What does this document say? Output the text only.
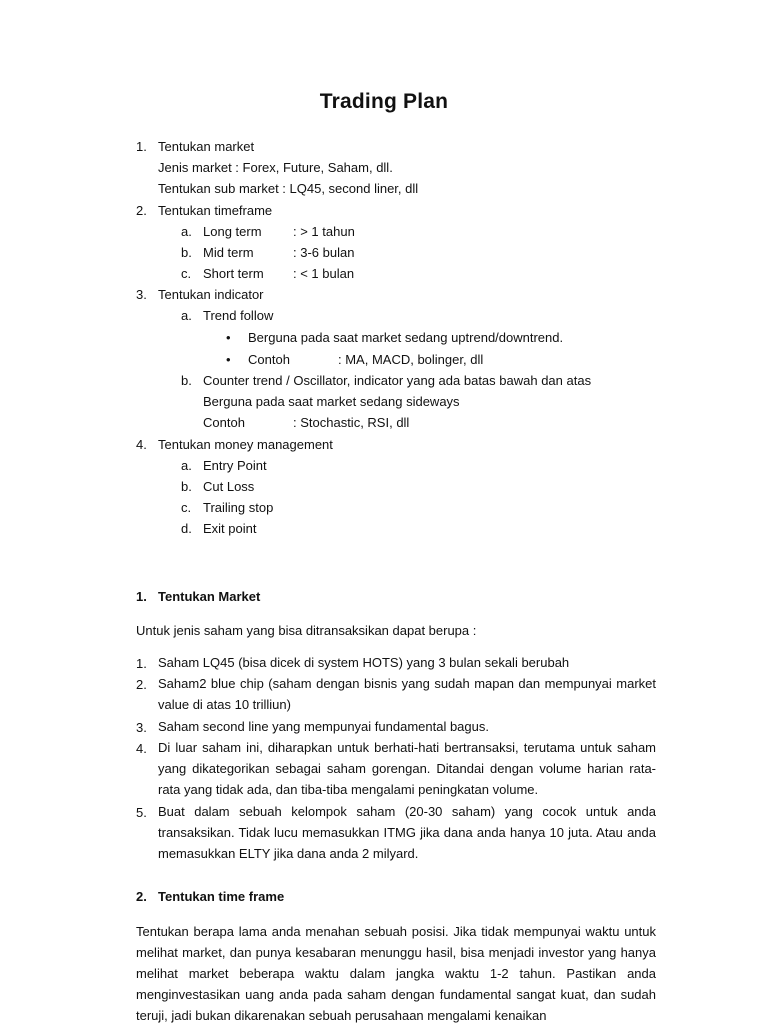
Trading Plan
1. Tentukan market
Jenis market : Forex, Future, Saham, dll.
Tentukan sub market : LQ45, second liner, dll
2. Tentukan timeframe
a. Long term : > 1 tahun
b. Mid term	: 3-6 bulan
c. Short term : < 1 bulan
3. Tentukan indicator
a. Trend follow
• Berguna pada saat market sedang uptrend/downtrend.
• Contoh	: MA, MACD, bolinger, dll
b. Counter trend / Oscillator, indicator yang ada batas bawah dan atas
Berguna pada saat market sedang sideways
Contoh	: Stochastic, RSI, dll
4. Tentukan money management
a. Entry Point
b. Cut Loss
c. Trailing stop
d. Exit point
1. Tentukan Market
Untuk jenis saham yang bisa ditransaksikan dapat berupa :
1. Saham LQ45 (bisa dicek di system HOTS) yang 3 bulan sekali berubah
2. Saham2 blue chip (saham dengan bisnis yang sudah mapan dan mempunyai market value di atas 10 trilliun)
3. Saham second line yang mempunyai fundamental bagus.
4. Di luar saham ini, diharapkan untuk berhati-hati bertransaksi, terutama untuk saham yang dikategorikan sebagai saham gorengan. Ditandai dengan volume harian rata-rata yang tidak ada, dan tiba-tiba mengalami peningkatan volume.
5. Buat dalam sebuah kelompok saham (20-30 saham) yang cocok untuk anda transaksikan. Tidak lucu memasukkan ITMG jika dana anda hanya 10 juta. Atau anda memasukkan ELTY jika dana anda 2 milyard.
2. Tentukan time frame
Tentukan berapa lama anda menahan sebuah posisi. Jika tidak mempunyai waktu untuk melihat market, dan punya kesabaran menunggu hasil, bisa menjadi investor yang hanya melihat market beberapa waktu dalam jangka waktu 1-2 tahun. Pastikan anda menginvestasikan uang anda pada saham dengan fundamental sangat kuat, dan sudah teruji, jadi bukan dikarenakan sebuah perusahaan mengalami kenaikan
